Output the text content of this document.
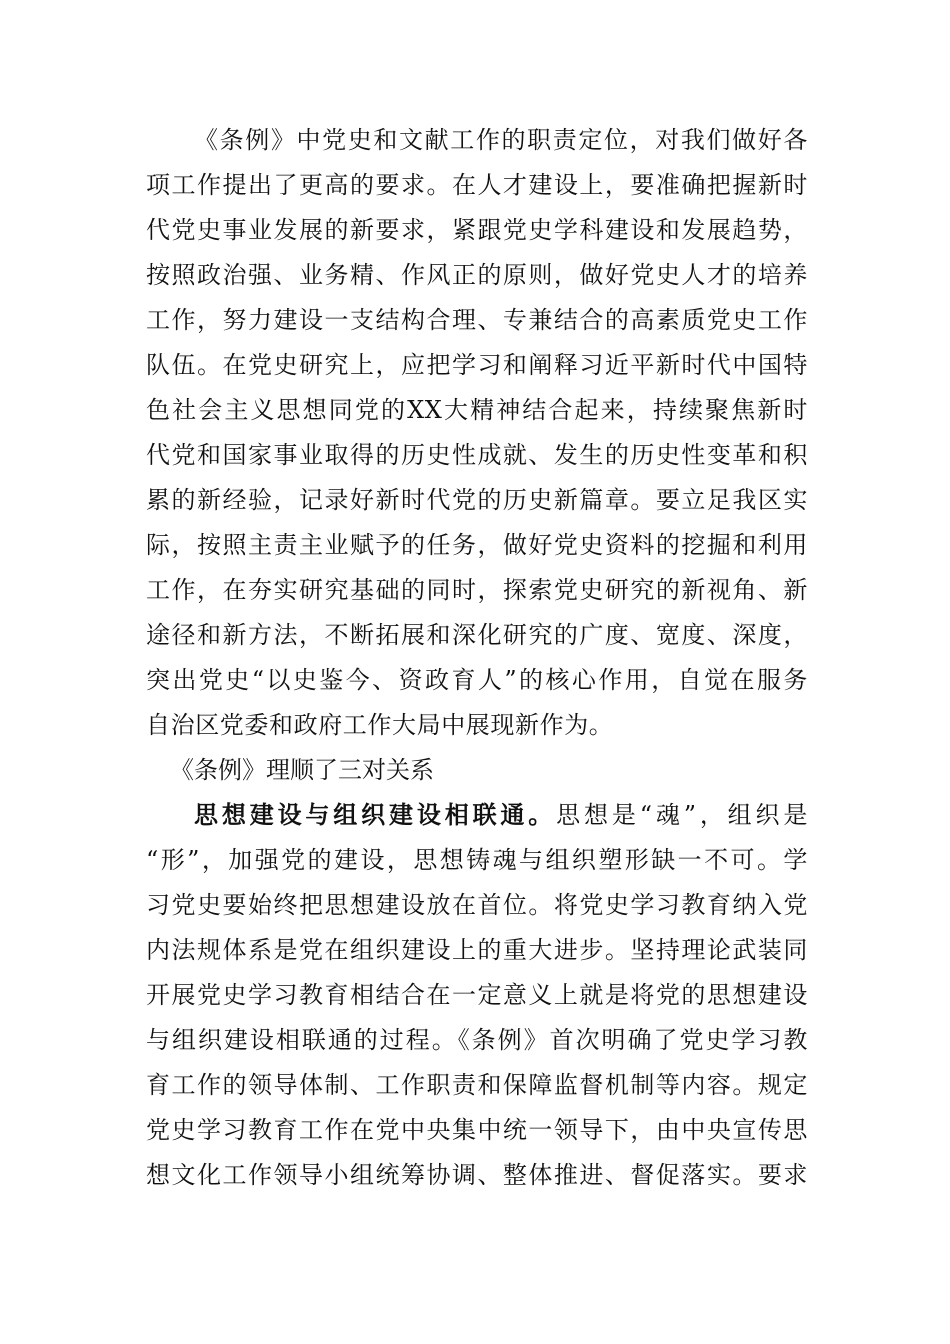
《条例》中党史和文献工作的职责定位，对我们做好各
项工作提出了更高的要求。在人才建设上，要准确把握新时
代党史事业发展的新要求，紧跟党史学科建设和发展趋势，
按照政治强、业务精、作风正的原则，做好党史人才的培养
工作，努力建设一支结构合理、专兼结合的高素质党史工作
队伍。在党史研究上，应把学习和阐释习近平新时代中国特
色社会主义思想同党的XX大精神结合起来，持续聚焦新时
代党和国家事业取得的历史性成就、发生的历史性变革和积
累的新经验，记录好新时代党的历史新篇章。要立足我区实
际，按照主责主业赋予的任务，做好党史资料的挖掘和利用
工作，在夯实研究基础的同时，探索党史研究的新视角、新
途径和新方法，不断拓展和深化研究的广度、宽度、深度，
突出党史“以史鉴今、资政育人”的核心作用，自觉在服务
自治区党委和政府工作大局中展现新作为。
《条例》理顺了三对关系
思想建设与组织建设相联通。思想是“魂”，组织是
“形”，加强党的建设，思想铸魂与组织塑形缺一不可。学
习党史要始终把思想建设放在首位。将党史学习教育纳入党
内法规体系是党在组织建设上的重大进步。坚持理论武装同
开展党史学习教育相结合在一定意义上就是将党的思想建设
与组织建设相联通的过程。《条例》首次明确了党史学习教
育工作的领导体制、工作职责和保障监督机制等内容。规定
党史学习教育工作在党中央集中统一领导下，由中央宣传思
想文化工作领导小组统筹协调、整体推进、督促落实。要求
